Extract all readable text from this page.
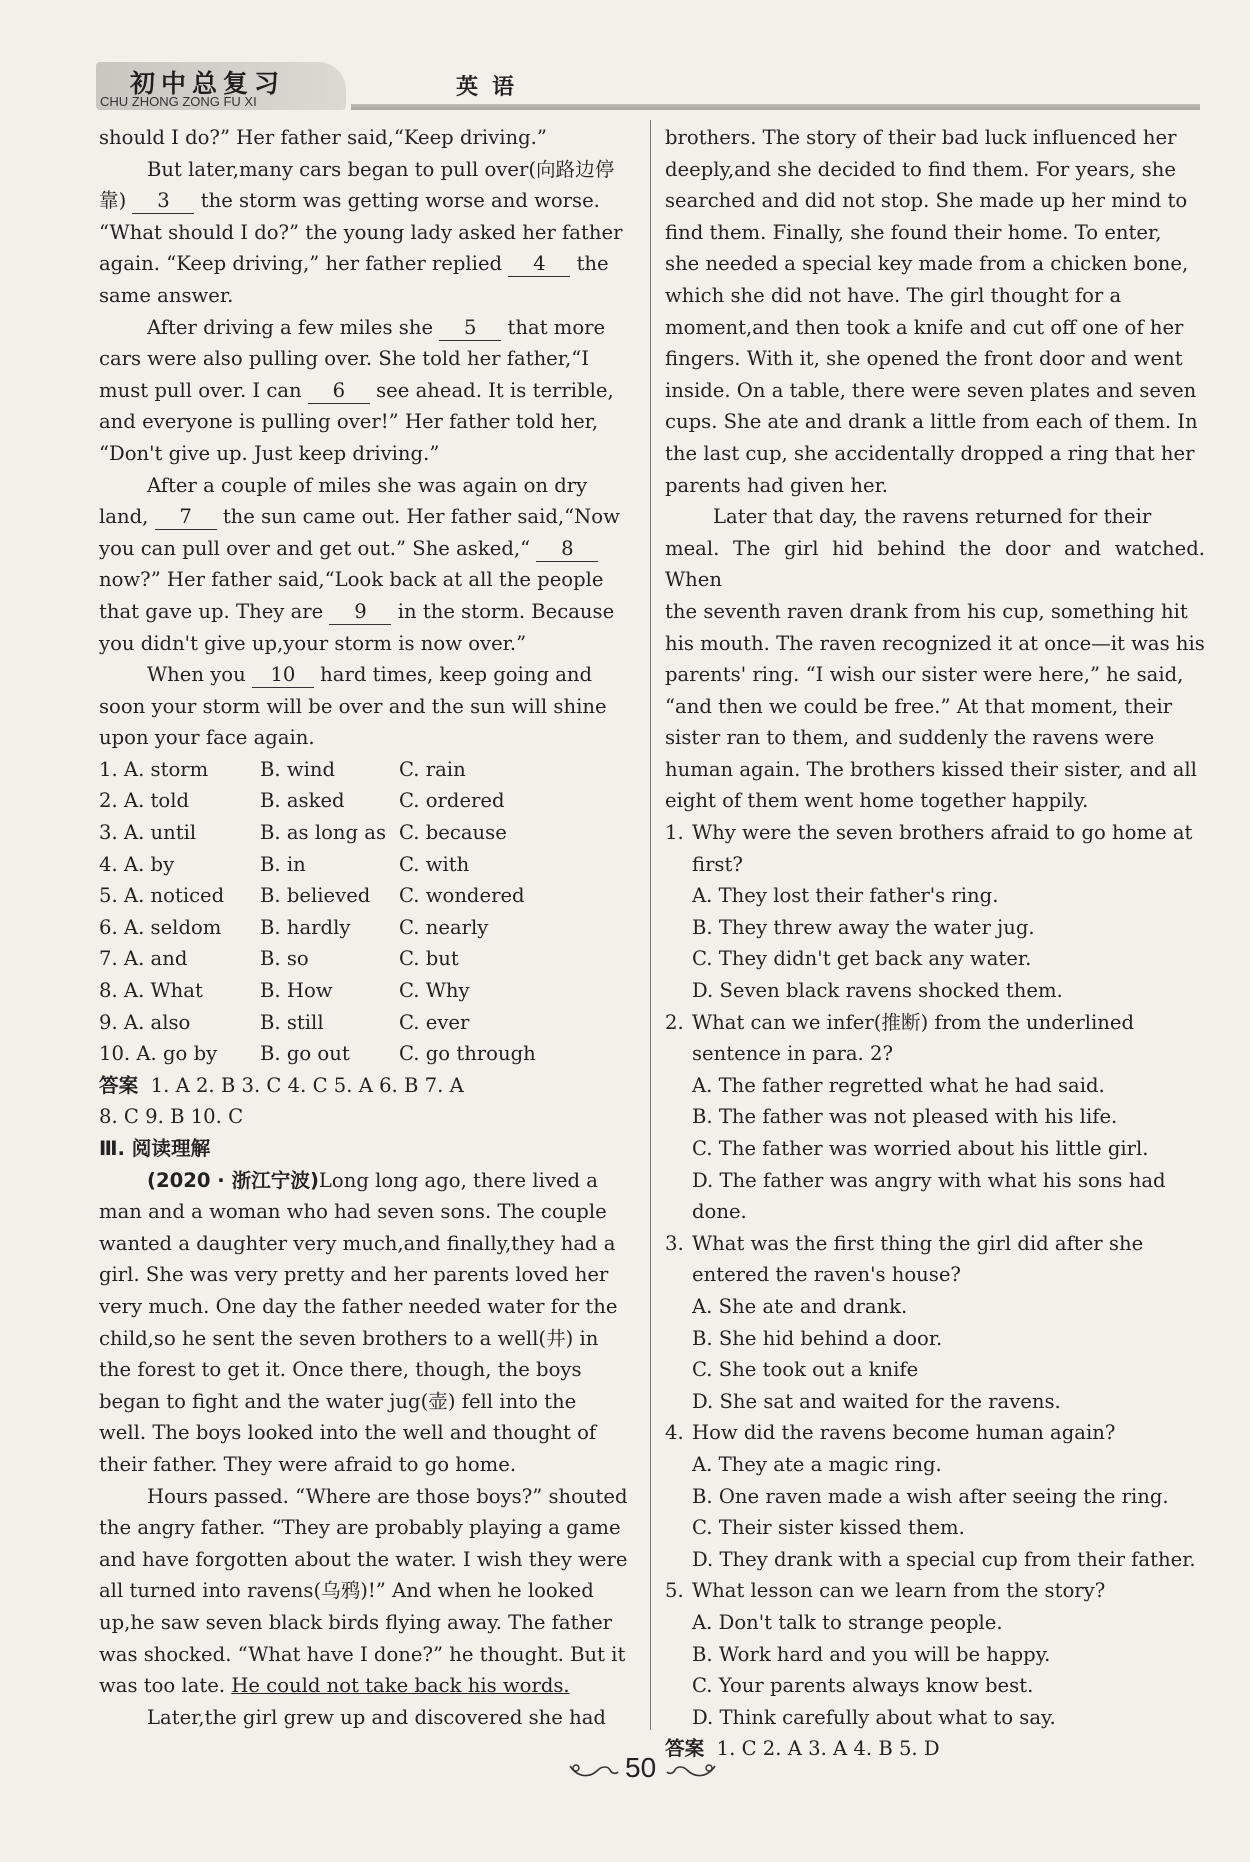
初中总复习
CHU ZHONG ZONG FU XI
英语

should I do?” Her father said,“Keep driving.”

But later,many cars began to pull over(向路边停
靠) 3 the storm was getting worse and worse.
“What should I do?” the young lady asked her father
again. “Keep driving,” her father replied 4 the
same answer.

After driving a few miles she 5 that more
cars were also pulling over. She told her father,“I
must pull over. I can 6 see ahead. It is terrible,
and everyone is pulling over!” Her father told her,
“Don't give up. Just keep driving.”

After a couple of miles she was again on dry
land, 7 the sun came out. Her father said,“Now
you can pull over and get out.” She asked,“ 8
now?” Her father said,“Look back at all the people
that gave up. They are 9 in the storm. Because
you didn't give up,your storm is now over.”

When you 10 hard times, keep going and
soon your storm will be over and the sun will shine
upon your face again.

1. A. storm	B. wind	C. rain
2. A. told	B. asked	C. ordered
3. A. until	B. as long as C. because
4. A. by	B. in	C. with
5. A. noticed	B. believed	C. wondered
6. A. seldom	B. hardly	C. nearly
7. A. and	B. so	C. but
8. A. What	B. How	C. Why
9. A. also	B. still	C. ever
10. A. go by	B. go out	C. go through
答案 1. A 2. B 3. C 4. C 5. A 6. B 7. A
8. C 9. B 10. C
Ⅲ. 阅读理解

(2020 · 浙江宁波)Long long ago, there lived a
man and a woman who had seven sons. The couple
wanted a daughter very much,and finally,they had a
girl. She was very pretty and her parents loved her
very much. One day the father needed water for the
child,so he sent the seven brothers to a well(井) in
the forest to get it. Once there, though, the boys
began to fight and the water jug(壶) fell into the
well. The boys looked into the well and thought of
their father. They were afraid to go home.

Hours passed. “Where are those boys?” shouted
the angry father. “They are probably playing a game
and have forgotten about the water. I wish they were
all turned into ravens(乌鸦)!” And when he looked
up,he saw seven black birds flying away. The father
was shocked. “What have I done?” he thought. But it
was too late. He could not take back his words.

Later,the girl grew up and discovered she had

brothers. The story of their bad luck influenced her
deeply,and she decided to find them. For years, she
searched and did not stop. She made up her mind to
find them. Finally, she found their home. To enter,
she needed a special key made from a chicken bone,
which she did not have. The girl thought for a
moment,and then took a knife and cut off one of her
fingers. With it, she opened the front door and went
inside. On a table, there were seven plates and seven
cups. She ate and drank a little from each of them. In
the last cup, she accidentally dropped a ring that her
parents had given her.

Later that day, the ravens returned for their
meal. The girl hid behind the door and watched. When
the seventh raven drank from his cup, something hit
his mouth. The raven recognized it at once—it was his
parents' ring. “I wish our sister were here,” he said,
“and then we could be free.” At that moment, their
sister ran to them, and suddenly the ravens were
human again. The brothers kissed their sister, and all
eight of them went home together happily.

1. Why were the seven brothers afraid to go home at
first?
A. They lost their father's ring.
B. They threw away the water jug.
C. They didn't get back any water.
D. Seven black ravens shocked them.
2. What can we infer(推断) from the underlined
sentence in para. 2?
A. The father regretted what he had said.
B. The father was not pleased with his life.
C. The father was worried about his little girl.
D. The father was angry with what his sons had done.
3. What was the first thing the girl did after she
entered the raven's house?
A. She ate and drank.
B. She hid behind a door.
C. She took out a knife
D. She sat and waited for the ravens.
4. How did the ravens become human again?
A. They ate a magic ring.
B. One raven made a wish after seeing the ring.
C. Their sister kissed them.
D. They drank with a special cup from their father.
5. What lesson can we learn from the story?
A. Don't talk to strange people.
B. Work hard and you will be happy.
C. Your parents always know best.
D. Think carefully about what to say.
答案 1. C 2. A 3. A 4. B 5. D
50
